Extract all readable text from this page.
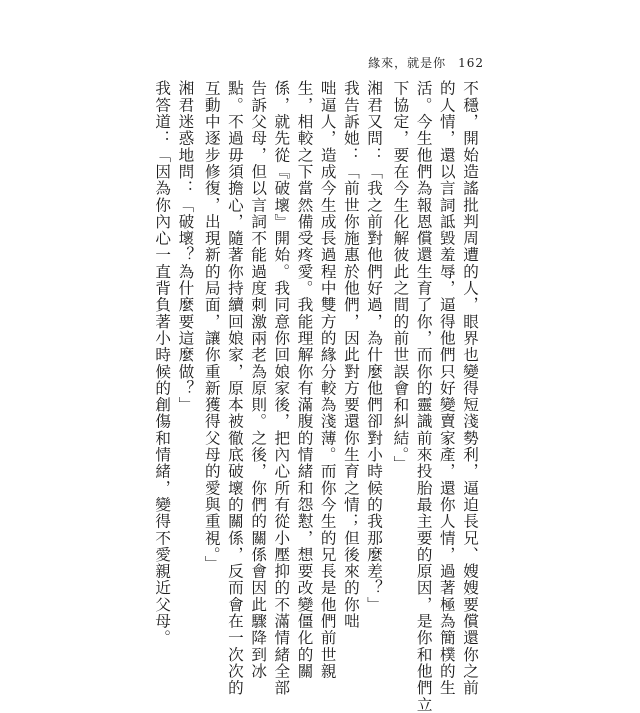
緣來，就是你 162
不穩，開始造謠批判周遭的人，眼界也變得短淺勢利，逼迫長兄、嫂嫂要償還你之前
的人情，還以言詞詆毀羞辱，逼得他們只好變賣家產，還你人情，過著極為簡樸的生
活。今生他們為報恩償還生育了你，而你的靈識前來投胎最主要的原因，是你和他們立
下協定，要在今生化解彼此之間的前世誤會和糾結。」
湘君又問：「我之前對他們好過，為什麼他們卻對小時候的我那麼差？」
我告訴她：「前世你施惠於他們，因此對方要還你生育之情；但後來的你咄
咄逼人，造成今生成長過程中雙方的緣分較為淺薄。而你今生的兄長是他們前世親
生，相較之下當然備受疼愛。我能理解你有滿腹的情緒和怨懟，想要改變僵化的關
係，就先從『破壞』開始。我同意你回娘家後，把內心所有從小壓抑的不滿情緒全部
告訴父母，但以言詞不能過度刺激兩老為原則。之後，你們的關係會因此驟降到冰
點。不過毋須擔心，隨著你持續回娘家，原本被徹底破壞的關係，反而會在一次次的
互動中逐步修復，出現新的局面，讓你重新獲得父母的愛與重視。」
湘君迷惑地問：「破壞？為什麼要這麼做？」
我答道：「因為你內心一直背負著小時候的創傷和情緒，變得不愛親近父母。
